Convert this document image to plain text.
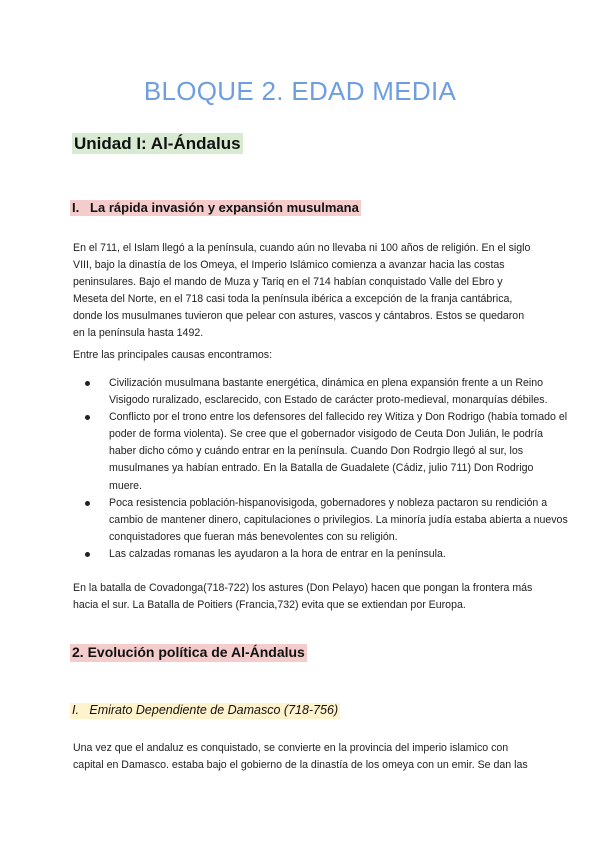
BLOQUE 2. EDAD MEDIA
Unidad I: Al-Ándalus
I.   La rápida invasión y expansión musulmana

En el 711, el Islam llegó a la península, cuando aún no llevaba ni 100 años de religión. En el siglo VIII, bajo la dinastía de los Omeya, el Imperio Islámico comienza a avanzar hacia las costas peninsulares. Bajo el mando de Muza y Tariq en el 714 habían conquistado Valle del Ebro y Meseta del Norte, en el 718 casi toda la península ibérica a excepción de la franja cantábrica, donde los musulmanes tuvieron que pelear con astures, vascos y cántabros. Estos se quedaron en la península hasta 1492.

Entre las principales causas encontramos:

Civilización musulmana bastante energética, dinámica en plena expansión frente a un Reino Visigodo ruralizado, esclarecido, con Estado de carácter proto-medieval, monarquías débiles.
Conflicto por el trono entre los defensores del fallecido rey Witiza y Don Rodrigo (había tomado el poder de forma violenta). Se cree que el gobernador visigodo de Ceuta Don Julián, le podría haber dicho cómo y cuándo entrar en la península. Cuando Don Rodrgio llegó al sur, los musulmanes ya habían entrado. En la Batalla de Guadalete (Cádiz, julio 711) Don Rodrigo muere.
Poca resistencia población-hispanovisigoda, gobernadores y nobleza pactaron su rendición a cambio de mantener dinero, capitulaciones o privilegios. La minoría judía estaba abierta a nuevos conquistadores que fueran más benevolentes con su religión.
Las calzadas romanas les ayudaron a la hora de entrar en la península.

En la batalla de Covadonga(718-722) los astures (Don Pelayo) hacen que pongan la frontera más hacia el sur. La Batalla de Poitiers (Francia,732) evita que se extiendan por Europa.

2. Evolución política de Al-Ándalus
I.   Emirato Dependiente de Damasco (718-756)

Una vez que el andaluz es conquistado, se convierte en la provincia del imperio islamico con capital en Damasco. estaba bajo el gobierno de la dinastía de los omeya con un emir. Se dan las
